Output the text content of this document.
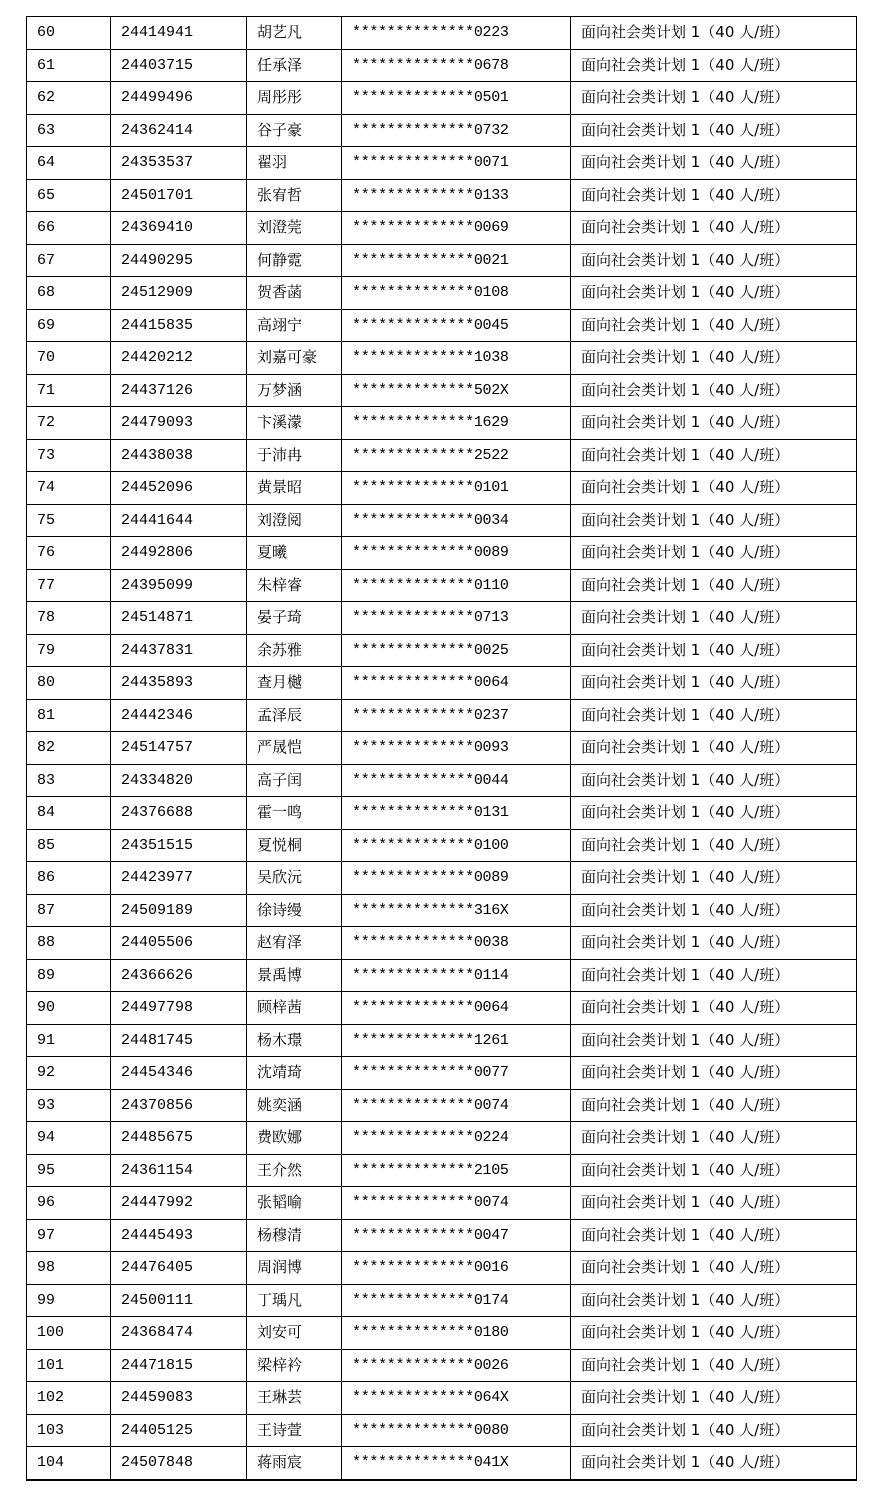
60	24414941	胡艺凡	**************0223	面向社会类计划 1（40 人/班）
61	24403715	任承泽	**************0678	面向社会类计划 1（40 人/班）
62	24499496	周彤彤	**************0501	面向社会类计划 1（40 人/班）
63	24362414	谷子豪	**************0732	面向社会类计划 1（40 人/班）
64	24353537	翟羽	**************0071	面向社会类计划 1（40 人/班）
65	24501701	张宥哲	**************0133	面向社会类计划 1（40 人/班）
66	24369410	刘澄莞	**************0069	面向社会类计划 1（40 人/班）
67	24490295	何静霓	**************0021	面向社会类计划 1（40 人/班）
68	24512909	贺香菡	**************0108	面向社会类计划 1（40 人/班）
69	24415835	高翊宁	**************0045	面向社会类计划 1（40 人/班）
70	24420212	刘嘉可豪	**************1038	面向社会类计划 1（40 人/班）
71	24437126	万梦涵	**************502X	面向社会类计划 1（40 人/班）
72	24479093	卞溪濛	**************1629	面向社会类计划 1（40 人/班）
73	24438038	于沛冉	**************2522	面向社会类计划 1（40 人/班）
74	24452096	黄景昭	**************0101	面向社会类计划 1（40 人/班）
75	24441644	刘澄阅	**************0034	面向社会类计划 1（40 人/班）
76	24492806	夏曦	**************0089	面向社会类计划 1（40 人/班）
77	24395099	朱梓睿	**************0110	面向社会类计划 1（40 人/班）
78	24514871	晏子琦	**************0713	面向社会类计划 1（40 人/班）
79	24437831	余苏雅	**************0025	面向社会类计划 1（40 人/班）
80	24435893	查月樾	**************0064	面向社会类计划 1（40 人/班）
81	24442346	孟泽辰	**************0237	面向社会类计划 1（40 人/班）
82	24514757	严晟恺	**************0093	面向社会类计划 1（40 人/班）
83	24334820	高子闰	**************0044	面向社会类计划 1（40 人/班）
84	24376688	霍一鸣	**************0131	面向社会类计划 1（40 人/班）
85	24351515	夏悦桐	**************0100	面向社会类计划 1（40 人/班）
86	24423977	吴欣沅	**************0089	面向社会类计划 1（40 人/班）
87	24509189	徐诗缦	**************316X	面向社会类计划 1（40 人/班）
88	24405506	赵宥泽	**************0038	面向社会类计划 1（40 人/班）
89	24366626	景禹博	**************0114	面向社会类计划 1（40 人/班）
90	24497798	顾梓茜	**************0064	面向社会类计划 1（40 人/班）
91	24481745	杨木璟	**************1261	面向社会类计划 1（40 人/班）
92	24454346	沈靖琦	**************0077	面向社会类计划 1（40 人/班）
93	24370856	姚奕涵	**************0074	面向社会类计划 1（40 人/班）
94	24485675	费欧娜	**************0224	面向社会类计划 1（40 人/班）
95	24361154	王介然	**************2105	面向社会类计划 1（40 人/班）
96	24447992	张韬喻	**************0074	面向社会类计划 1（40 人/班）
97	24445493	杨穆清	**************0047	面向社会类计划 1（40 人/班）
98	24476405	周润博	**************0016	面向社会类计划 1（40 人/班）
99	24500111	丁瑀凡	**************0174	面向社会类计划 1（40 人/班）
100	24368474	刘安可	**************0180	面向社会类计划 1（40 人/班）
101	24471815	梁梓衿	**************0026	面向社会类计划 1（40 人/班）
102	24459083	王琳芸	**************064X	面向社会类计划 1（40 人/班）
103	24405125	王诗萱	**************0080	面向社会类计划 1（40 人/班）
104	24507848	蒋雨宸	**************041X	面向社会类计划 1（40 人/班）
